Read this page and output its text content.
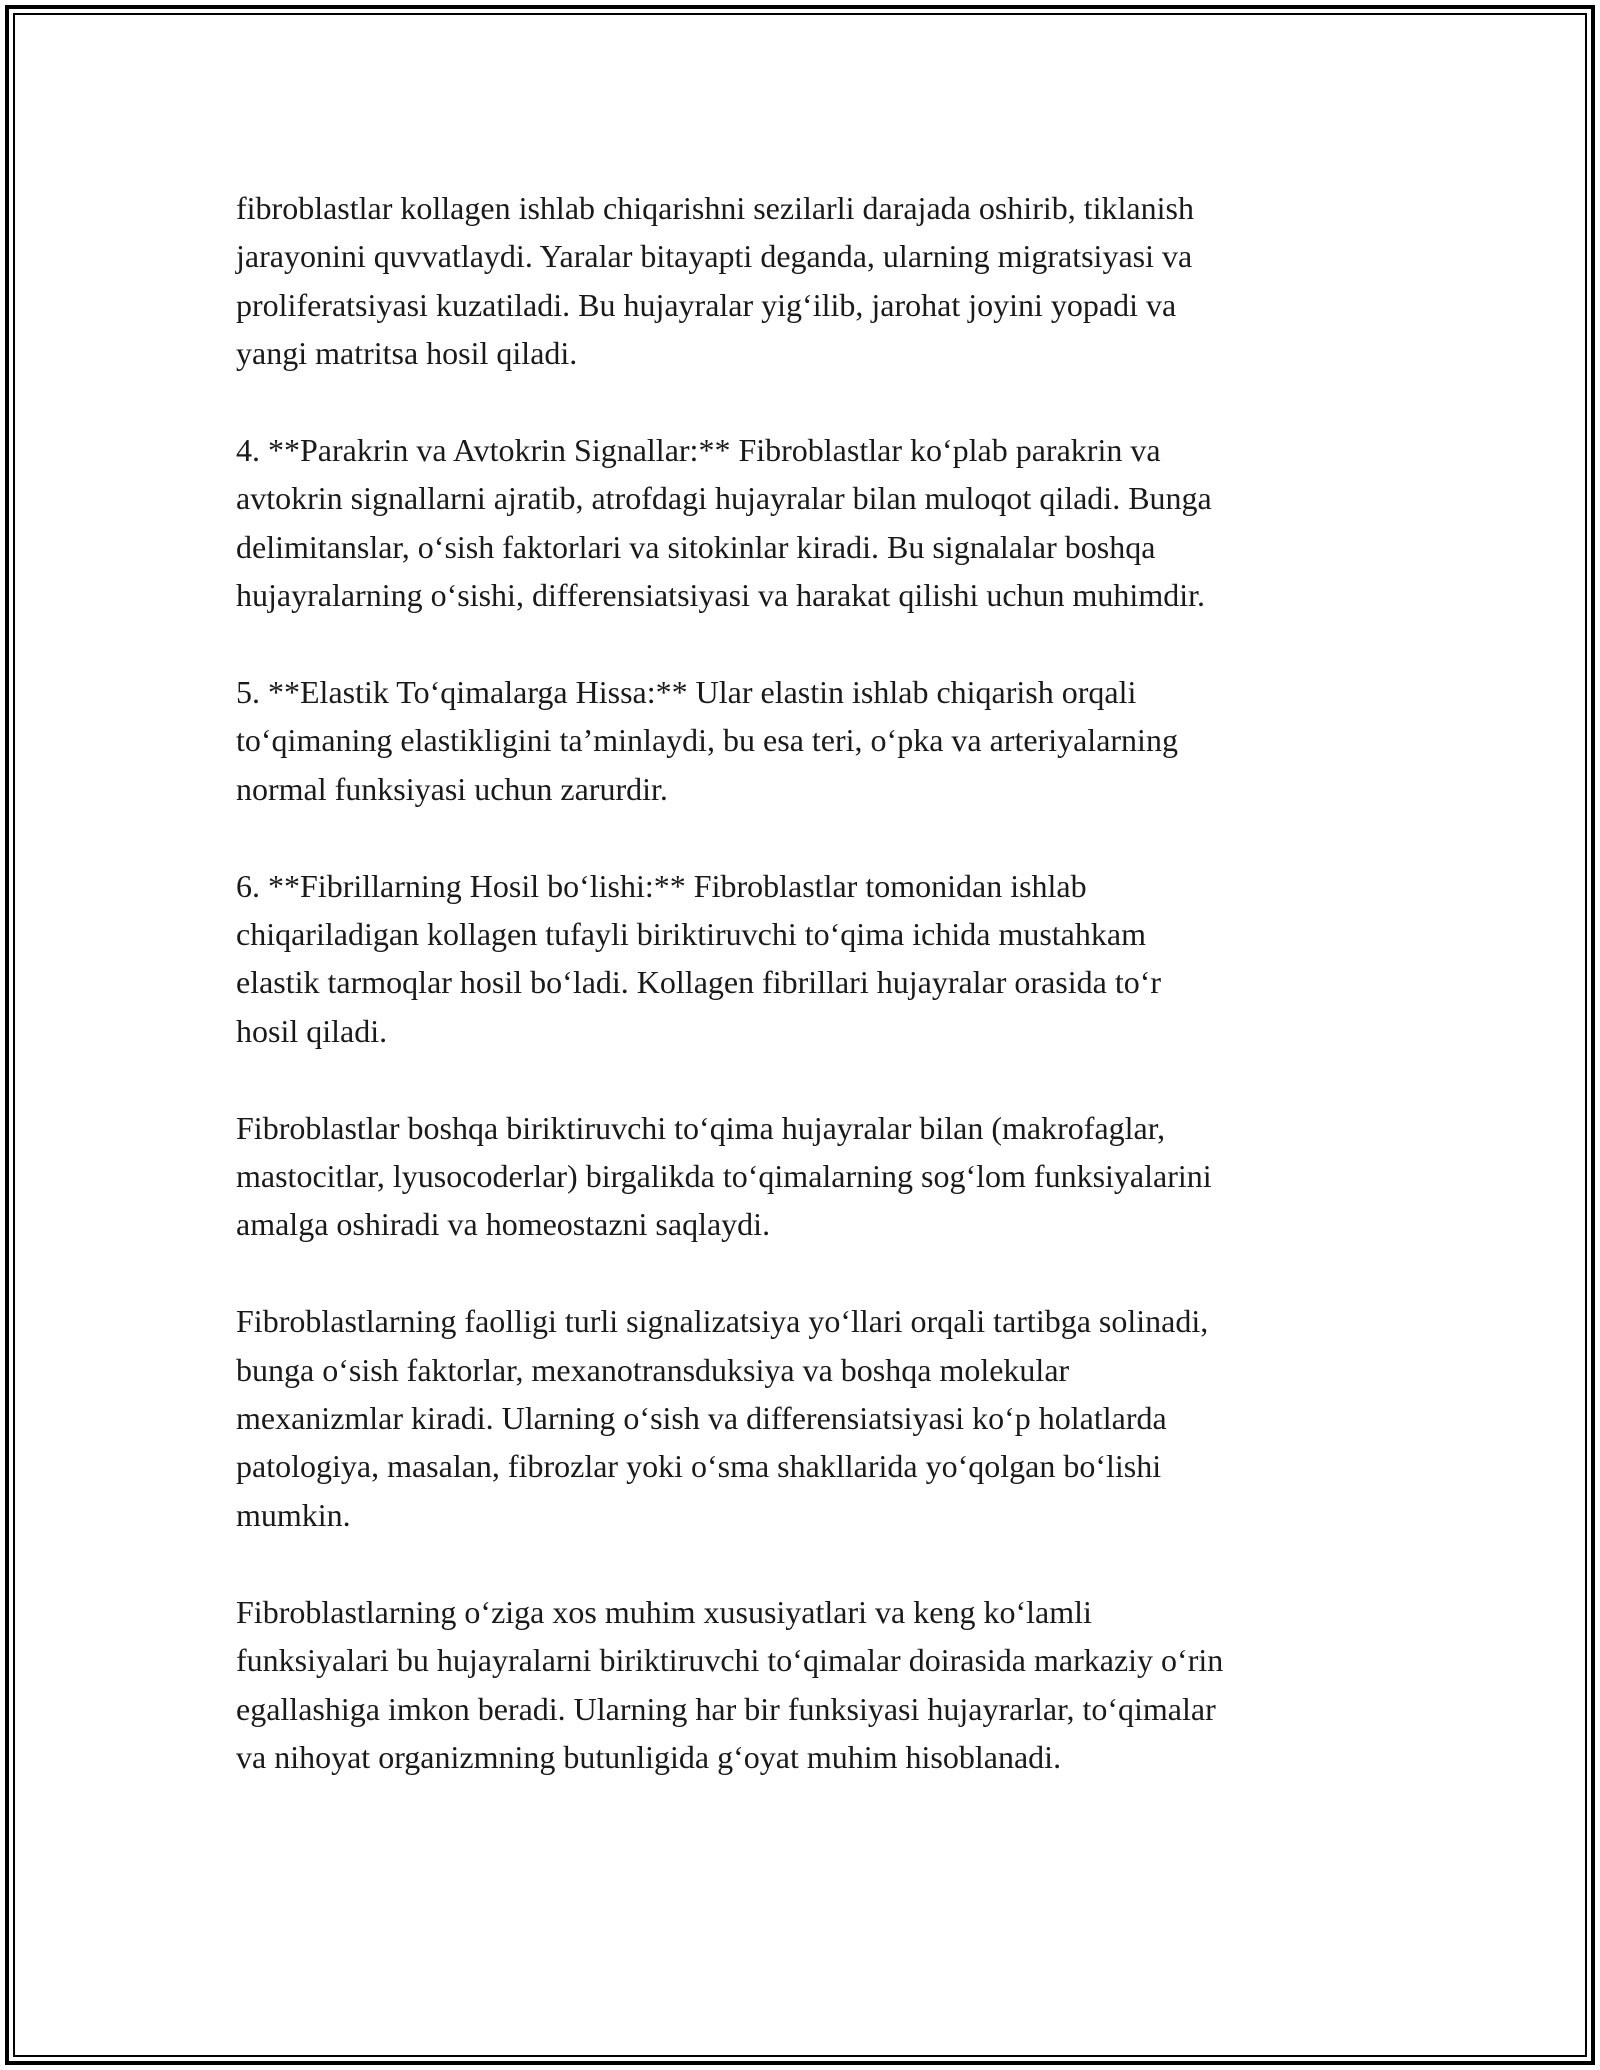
fibroblastlar kollagen ishlab chiqarishni sezilarli darajada oshirib, tiklanish
jarayonini quvvatlaydi. Yaralar bitayapti deganda, ularning migratsiyasi va
proliferatsiyasi kuzatiladi. Bu hujayralar yig‘ilib, jarohat joyini yopadi va
yangi matritsa hosil qiladi.

4. **Parakrin va Avtokrin Signallar:** Fibroblastlar ko‘plab parakrin va
avtokrin signallarni ajratib, atrofdagi hujayralar bilan muloqot qiladi. Bunga
delimitanslar, o‘sish faktorlari va sitokinlar kiradi. Bu signalalar boshqa
hujayralarning o‘sishi, differensiatsiyasi va harakat qilishi uchun muhimdir.

5. **Elastik To‘qimalarga Hissa:** Ular elastin ishlab chiqarish orqali
to‘qimaning elastikligini ta’minlaydi, bu esa teri, o‘pka va arteriyalarning
normal funksiyasi uchun zarurdir.

6. **Fibrillarning Hosil bo‘lishi:** Fibroblastlar tomonidan ishlab
chiqariladigan kollagen tufayli biriktiruvchi to‘qima ichida mustahkam
elastik tarmoqlar hosil bo‘ladi. Kollagen fibrillari hujayralar orasida to‘r
hosil qiladi.

Fibroblastlar boshqa biriktiruvchi to‘qima hujayralar bilan (makrofaglar,
mastocitlar, lyusocoderlar) birgalikda to‘qimalarning sog‘lom funksiyalarini
amalga oshiradi va homeostazni saqlaydi.

Fibroblastlarning faolligi turli signalizatsiya yo‘llari orqali tartibga solinadi,
bunga o‘sish faktorlar, mexanotransduksiya va boshqa molekular
mexanizmlar kiradi. Ularning o‘sish va differensiatsiyasi ko‘p holatlarda
patologiya, masalan, fibrozlar yoki o‘sma shakllarida yo‘qolgan bo‘lishi
mumkin.

Fibroblastlarning o‘ziga xos muhim xususiyatlari va keng ko‘lamli
funksiyalari bu hujayralarni biriktiruvchi to‘qimalar doirasida markaziy o‘rin
egallashiga imkon beradi. Ularning har bir funksiyasi hujayrarlar, to‘qimalar
va nihoyat organizmning butunligida g‘oyat muhim hisoblanadi.
